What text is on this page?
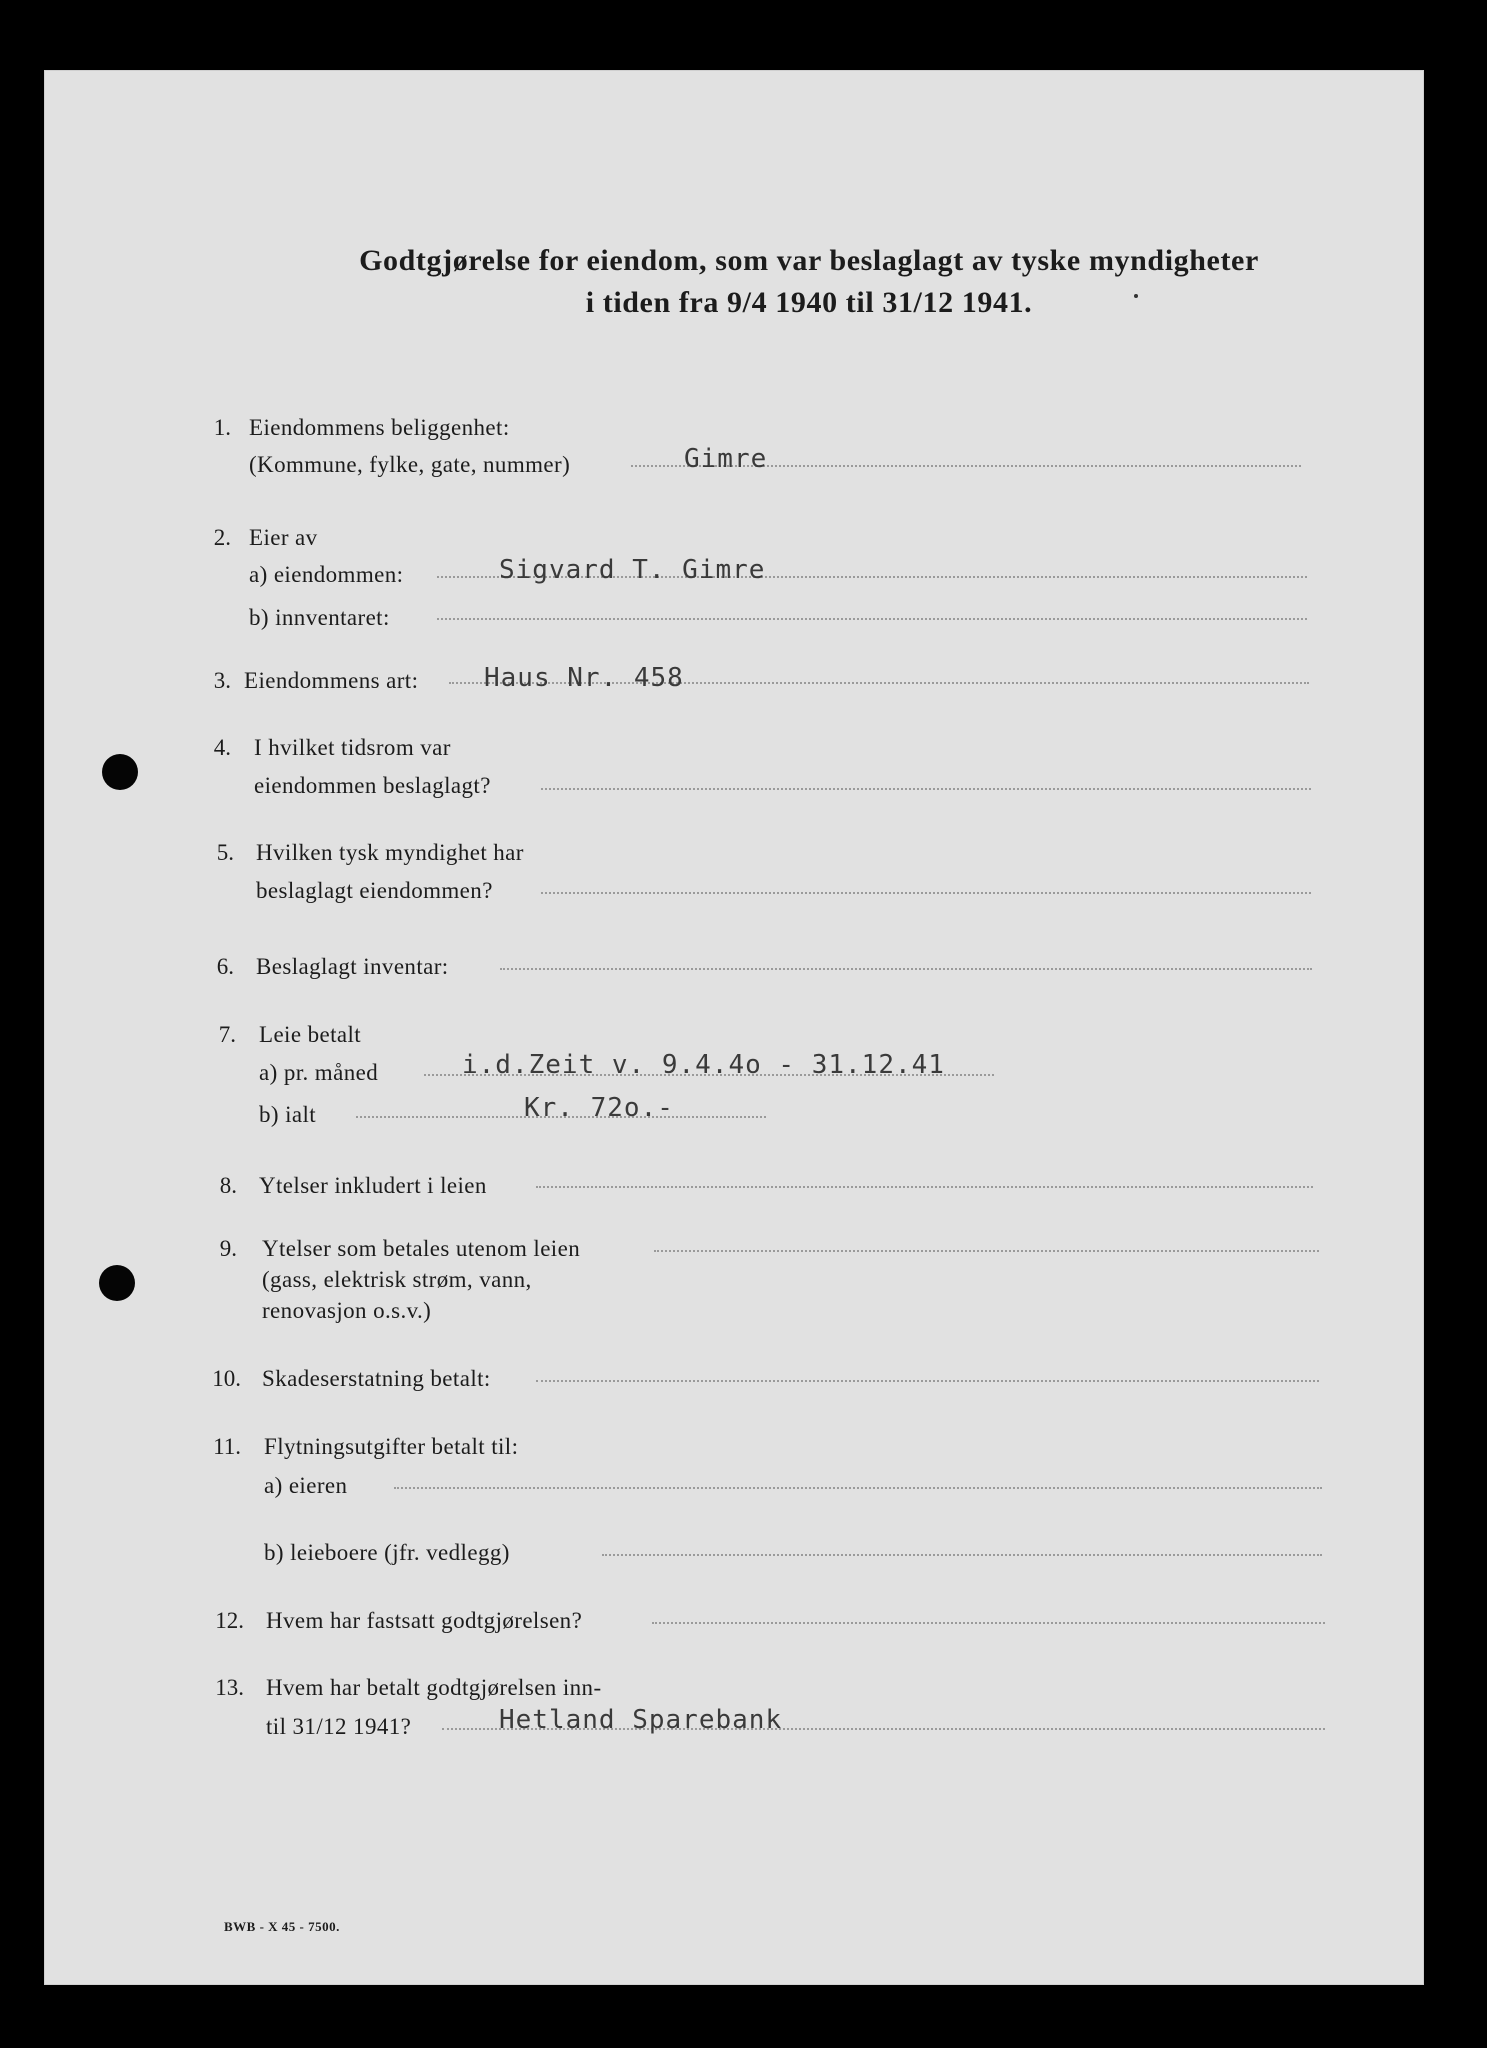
Godtgjørelse for eiendom, som var beslaglagt av tyske myndigheter
i tiden fra 9/4 1940 til 31/12 1941.
1. Eiendommens beliggenhet:
(Kommune, fylke, gate, nummer)	Gimre
2. Eier av
a) eiendommen:	Sigvard T. Gimre
b) innventaret:
3. Eiendommens art:	Haus Nr. 458
4. I hvilket tidsrom var
eiendommen beslaglagt?
5. Hvilken tysk myndighet har
beslaglagt eiendommen?
6. Beslaglagt inventar:
7. Leie betalt
a) pr. måned	i.d.Zeit v. 9.4.4o - 31.12.41
b) ialt	Kr. 72o.-
8. Ytelser inkludert i leien
9. Ytelser som betales utenom leien
(gass, elektrisk strøm, vann,
renovasjon o.s.v.)
10. Skadeserstatning betalt:
11. Flytningsutgifter betalt til:
a) eieren
b) leieboere (jfr. vedlegg)
12. Hvem har fastsatt godtgjørelsen?
13. Hvem har betalt godtgjørelsen inn-
til 31/12 1941?	Hetland Sparebank
BWB - X 45 - 7500.
